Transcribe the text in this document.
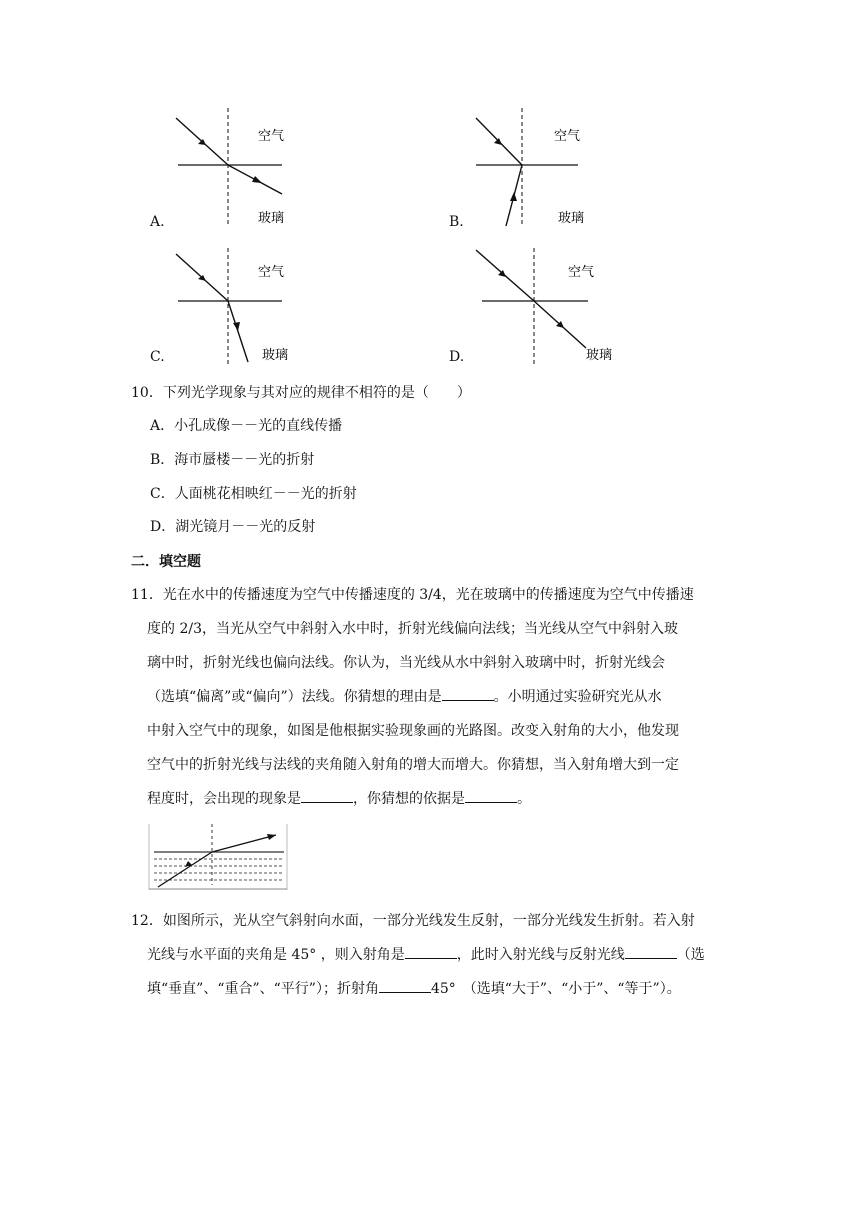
空气
玻璃
A.
空气
玻璃
B.
空气
玻璃
C.
空气
玻璃
D.
10．下列光学现象与其对应的规律不相符的是（　　）
A．小孔成像－－光的直线传播
B．海市蜃楼－－光的折射
C．人面桃花相映红－－光的折射
D．湖光镜月－－光的反射
二．填空题
11．光在水中的传播速度为空气中传播速度的 3/4，光在玻璃中的传播速度为空气中传播速
度的 2/3，当光从空气中斜射入水中时，折射光线偏向法线；当光线从空气中斜射入玻
璃中时，折射光线也偏向法线。你认为，当光线从水中斜射入玻璃中时，折射光线会
（选填“偏离”或“偏向”）法线。你猜想的理由是	。小明通过实验研究光从水
中射入空气中的现象，如图是他根据实验现象画的光路图。改变入射角的大小，他发现
空气中的折射光线与法线的夹角随入射角的增大而增大。你猜想，当入射角增大到一定
程度时，会出现的现象是	，你猜想的依据是	。
12．如图所示，光从空气斜射向水面，一部分光线发生反射，一部分光线发生折射。若入射
光线与水平面的夹角是 45° ，则入射角是	，此时入射光线与反射光线	（选
填“垂直”、“重合”、“平行”）；折射角	45°　（选填“大于”、“小于”、“等于”）。
